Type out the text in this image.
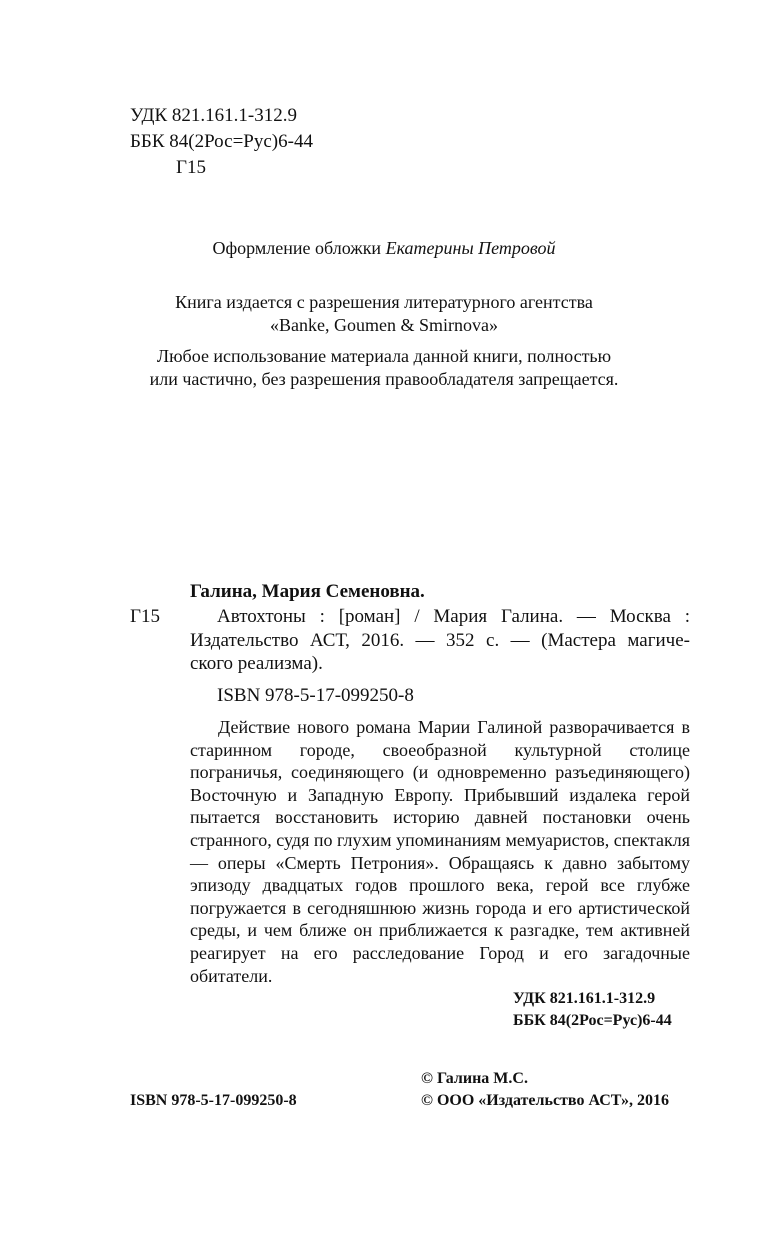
УДК 821.161.1-312.9
ББК 84(2Рос=Рус)6-44
Г15
Оформление обложки Екатерины Петровой
Книга издается с разрешения литературного агентства
«Banke, Goumen & Smirnova»
Любое использование материала данной книги, полностью
или частично, без разрешения правообладателя запрещается.
Галина, Мария Семеновна.
Г15	Автохтоны : [роман] / Мария Галина. — Москва :
Издательство АСТ, 2016. — 352 с. — (Мастера магиче-
ского реализма).
ISBN 978-5-17-099250-8
Действие нового романа Марии Галиной разворачивается в старинном городе, своеобразной культурной столице пограничья, соединяющего (и одновременно разъединяющего) Восточную и Западную Европу. Прибывший издалека герой пытается восстановить историю давней постановки очень странного, судя по глухим упоминаниям мемуаристов, спектакля — оперы «Смерть Петрония». Обращаясь к давно забытому эпизоду двадцатых годов прошлого века, герой все глубже погружается в сегодняшнюю жизнь города и его артистической среды, и чем ближе он приближается к разгадке, тем активней реагирует на его расследование Город и его загадочные обитатели.
УДК 821.161.1-312.9
ББК 84(2Рос=Рус)6-44
© Галина М.С.
ISBN 978-5-17-099250-8	© ООО «Издательство АСТ», 2016
